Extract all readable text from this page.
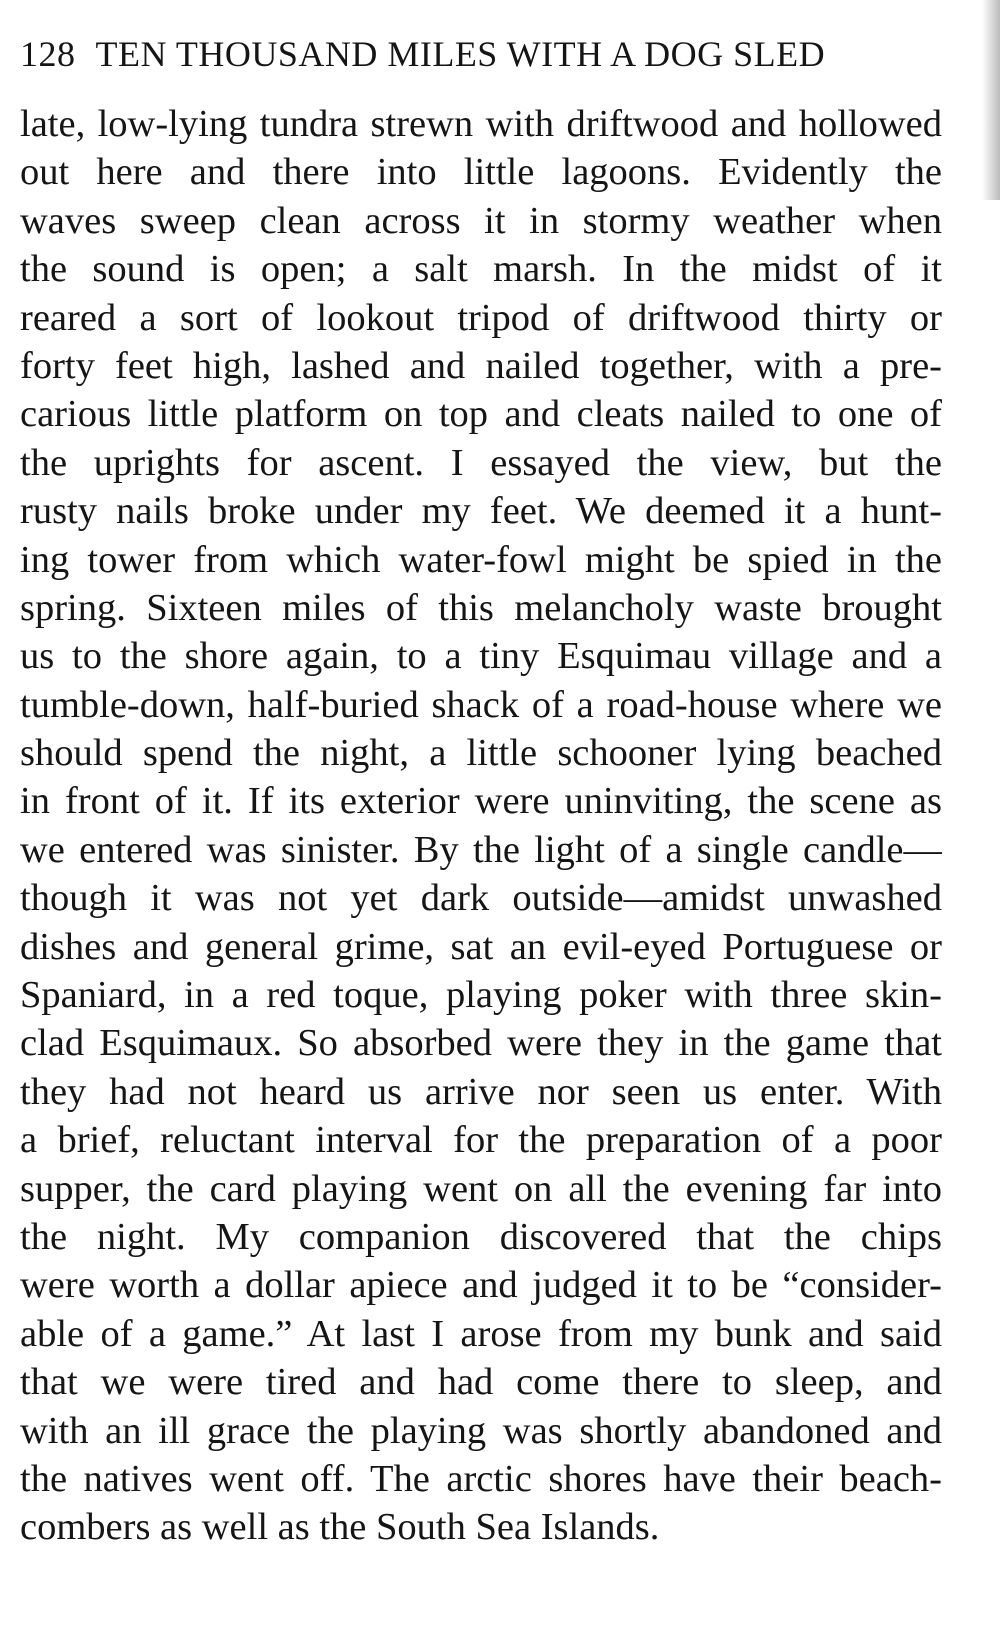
128 TEN THOUSAND MILES WITH A DOG SLED
late, low-lying tundra strewn with driftwood and hollowed
out here and there into little lagoons. Evidently the
waves sweep clean across it in stormy weather when
the sound is open; a salt marsh. In the midst of it
reared a sort of lookout tripod of driftwood thirty or
forty feet high, lashed and nailed together, with a pre-
carious little platform on top and cleats nailed to one of
the uprights for ascent. I essayed the view, but the
rusty nails broke under my feet. We deemed it a hunt-
ing tower from which water-fowl might be spied in the
spring. Sixteen miles of this melancholy waste brought
us to the shore again, to a tiny Esquimau village and a
tumble-down, half-buried shack of a road-house where we
should spend the night, a little schooner lying beached
in front of it. If its exterior were uninviting, the scene as
we entered was sinister. By the light of a single candle—
though it was not yet dark outside—amidst unwashed
dishes and general grime, sat an evil-eyed Portuguese or
Spaniard, in a red toque, playing poker with three skin-
clad Esquimaux. So absorbed were they in the game that
they had not heard us arrive nor seen us enter. With
a brief, reluctant interval for the preparation of a poor
supper, the card playing went on all the evening far into
the night. My companion discovered that the chips
were worth a dollar apiece and judged it to be “consider-
able of a game.” At last I arose from my bunk and said
that we were tired and had come there to sleep, and
with an ill grace the playing was shortly abandoned and
the natives went off. The arctic shores have their beach-
combers as well as the South Sea Islands.
